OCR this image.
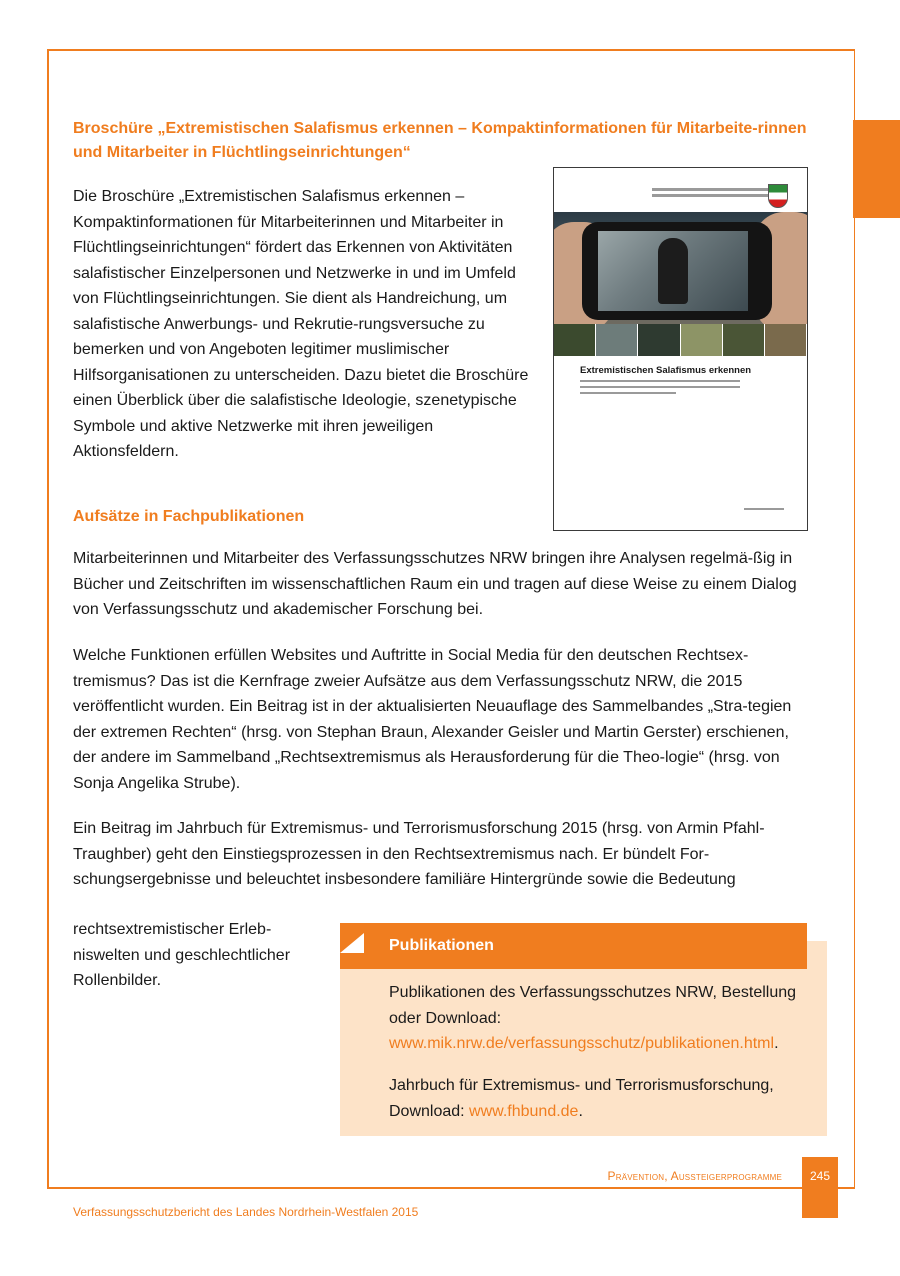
Broschüre „Extremistischen Salafismus erkennen – Kompaktinformationen für Mitarbeite-rinnen und Mitarbeiter in Flüchtlingseinrichtungen“

Die Broschüre „Extremistischen Salafismus erkennen – Kompaktinformationen für Mitarbeiterinnen und Mitarbeiter in Flüchtlingseinrichtungen“ fördert das Erkennen von Aktivitäten salafistischer Einzelpersonen und Netzwerke in und im Umfeld von Flüchtlingseinrichtungen. Sie dient als Handreichung, um salafistische Anwerbungs- und Rekrutie-rungsversuche zu bemerken und von Angeboten legitimer muslimischer Hilfsorganisationen zu unterscheiden. Dazu bietet die Broschüre einen Überblick über die salafistische Ideologie, szenetypische Symbole und aktive Netzwerke mit ihren jeweiligen Aktionsfeldern.

Extremistischen Salafismus erkennen
Aufsätze in Fachpublikationen

Mitarbeiterinnen und Mitarbeiter des Verfassungsschutzes NRW bringen ihre Analysen regelmä-ßig in Bücher und Zeitschriften im wissenschaftlichen Raum ein und tragen auf diese Weise zu einem Dialog von Verfassungsschutz und akademischer Forschung bei.

Welche Funktionen erfüllen Websites und Auftritte in Social Media für den deutschen Rechtsex-tremismus? Das ist die Kernfrage zweier Aufsätze aus dem Verfassungsschutz NRW, die 2015 veröffentlicht wurden. Ein Beitrag ist in der aktualisierten Neuauflage des Sammelbandes „Stra-tegien der extremen Rechten“ (hrsg. von Stephan Braun, Alexander Geisler und Martin Gerster) erschienen, der andere im Sammelband „Rechtsextremismus als Herausforderung für die Theo-logie“ (hrsg. von Sonja Angelika Strube).

Ein Beitrag im Jahrbuch für Extremismus- und Terrorismusforschung 2015 (hrsg. von Armin Pfahl-Traughber) geht den Einstiegsprozessen in den Rechtsextremismus nach. Er bündelt For-schungsergebnisse und beleuchtet insbesondere familiäre Hintergründe sowie die Bedeutung

rechtsextremistischer Erleb-niswelten und geschlechtlicher Rollenbilder.

Publikationen

Publikationen des Verfassungsschutzes NRW, Bestellung oder Download: www.mik.nrw.de/verfassungsschutz/publikationen.html.

Jahrbuch für Extremismus- und Terrorismusforschung, Download: www.fhbund.de.

Prävention, Aussteigerprogramme	245
Verfassungsschutzbericht des Landes Nordrhein-Westfalen 2015
